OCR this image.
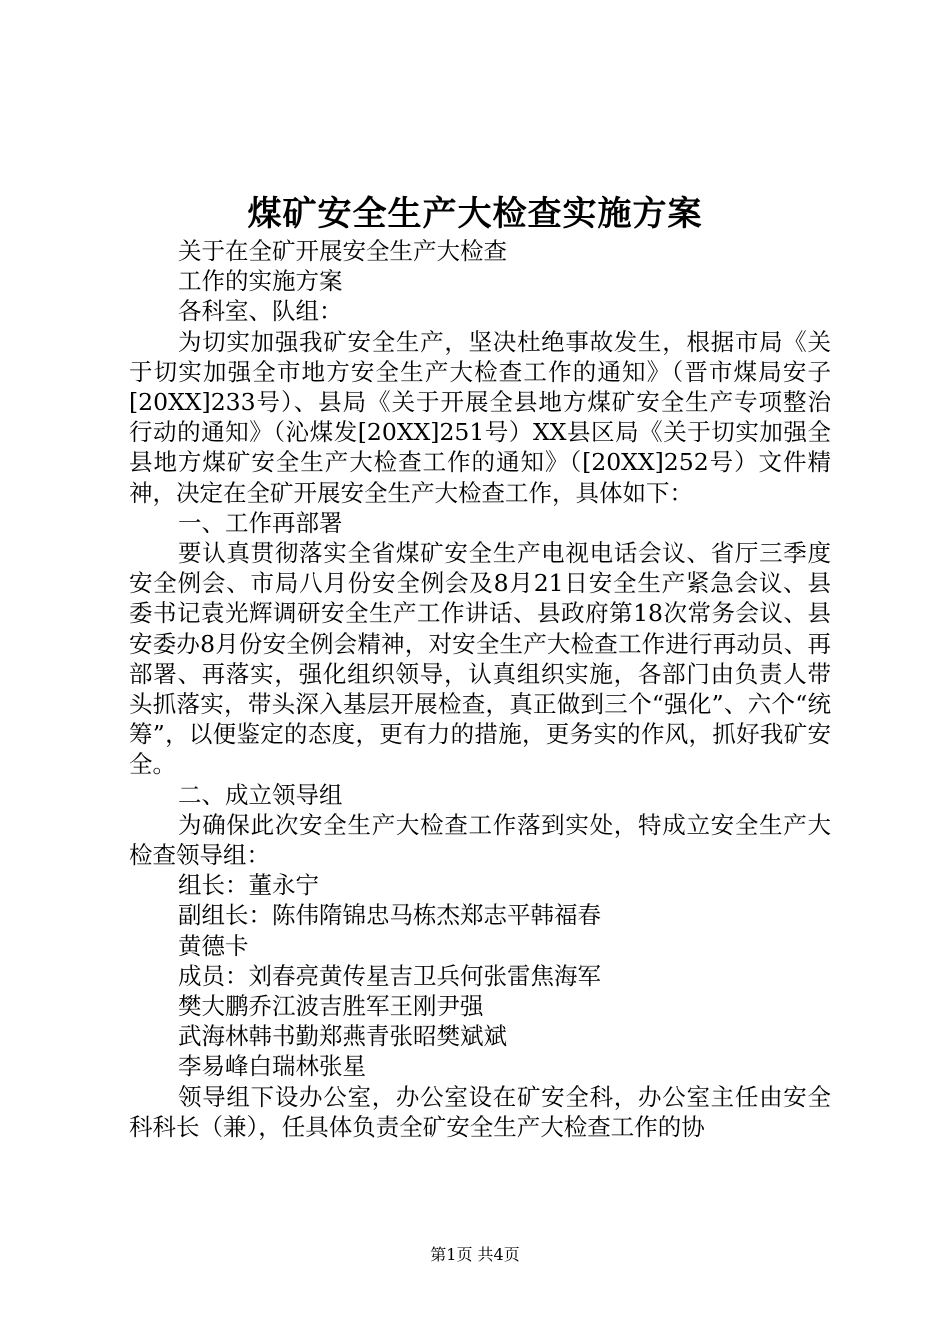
煤矿安全生产大检查实施方案

关于在全矿开展安全生产大检查

工作的实施方案

各科室、队组：

为切实加强我矿安全生产，坚决杜绝事故发生，根据市局《关于切实加强全市地方安全生产大检查工作的通知》（晋市煤局安子[20XX]233号）、县局《关于开展全县地方煤矿安全生产专项整治行动的通知》（沁煤发[20XX]251号）XX县区局《关于切实加强全县地方煤矿安全生产大检查工作的通知》（[20XX]252号）文件精神，决定在全矿开展安全生产大检查工作，具体如下：

一、工作再部署

要认真贯彻落实全省煤矿安全生产电视电话会议、省厅三季度安全例会、市局八月份安全例会及8月21日安全生产紧急会议、县委书记袁光辉调研安全生产工作讲话、县政府第18次常务会议、县安委办8月份安全例会精神，对安全生产大检查工作进行再动员、再部署、再落实，强化组织领导，认真组织实施，各部门由负责人带头抓落实，带头深入基层开展检查，真正做到三个“强化”、六个“统筹”，以便鉴定的态度，更有力的措施，更务实的作风，抓好我矿安全。

二、成立领导组

为确保此次安全生产大检查工作落到实处，特成立安全生产大检查领导组：

组长：董永宁

副组长：陈伟隋锦忠马栋杰郑志平韩福春

黄德卡

成员：刘春亮黄传星吉卫兵何张雷焦海军

樊大鹏乔江波吉胜军王刚尹强

武海林韩书勤郑燕青张昭樊斌斌

李易峰白瑞林张星

领导组下设办公室，办公室设在矿安全科，办公室主任由安全科科长（兼），任具体负责全矿安全生产大检查工作的协

第1页 共4页
